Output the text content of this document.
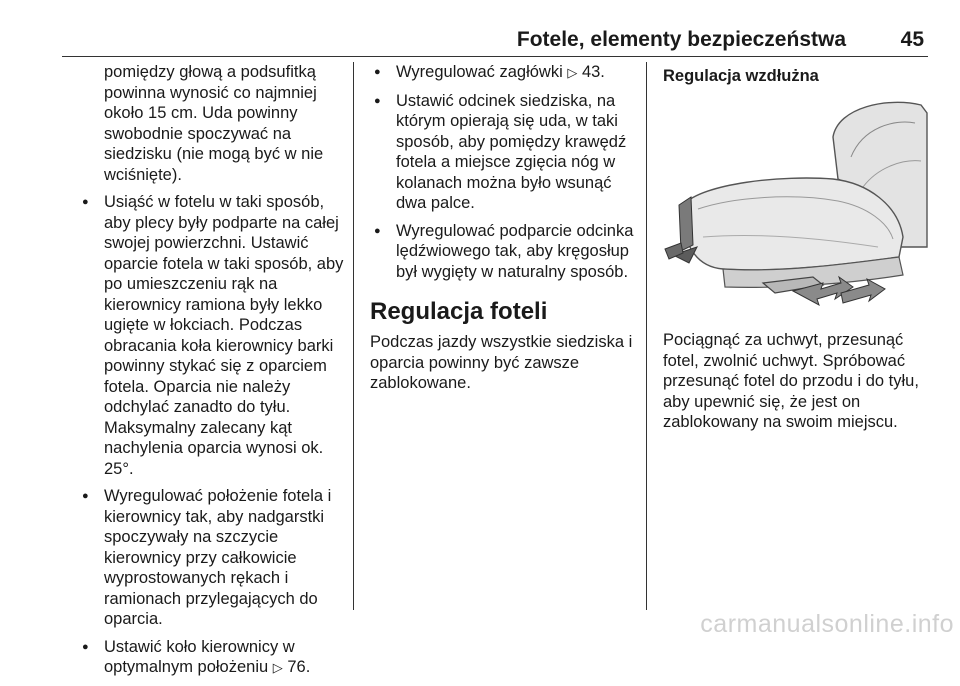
Fotele, elementy bezpieczeństwa	45

pomiędzy głową a podsufitką powinna wynosić co najmniej około 15 cm. Uda powinny swobodnie spoczywać na siedzisku (nie mogą być w nie wciśnięte).

● Usiąść w fotelu w taki sposób, aby plecy były podparte na całej swojej powierzchni. Ustawić oparcie fotela w taki sposób, aby po umieszczeniu rąk na kierownicy ramiona były lekko ugięte w łokciach. Podczas obracania koła kierownicy barki powinny stykać się z oparciem fotela. Oparcia nie należy odchylać zanadto do tyłu. Maksymalny zalecany kąt nachylenia oparcia wynosi ok. 25°.
● Wyregulować położenie fotela i kierownicy tak, aby nadgarstki spoczywały na szczycie kierownicy przy całkowicie wyprostowanych rękach i ramionach przylegających do oparcia.
● Ustawić koło kierownicy w optymalnym położeniu ▷ 76.
● Wyregulować zagłówki ▷ 43.
● Ustawić odcinek siedziska, na którym opierają się uda, w taki sposób, aby pomiędzy krawędź fotela a miejsce zgięcia nóg w kolanach można było wsunąć dwa palce.
● Wyregulować podparcie odcinka lędźwiowego tak, aby kręgosłup był wygięty w naturalny sposób.
Regulacja foteli

Podczas jazdy wszystkie siedziska i oparcia powinny być zawsze zablokowane.

Regulacja wzdłużna

Pociągnąć za uchwyt, przesunąć fotel, zwolnić uchwyt. Spróbować przesunąć fotel do przodu i do tyłu, aby upewnić się, że jest on zablokowany na swoim miejscu.

carmanualsonline.info
